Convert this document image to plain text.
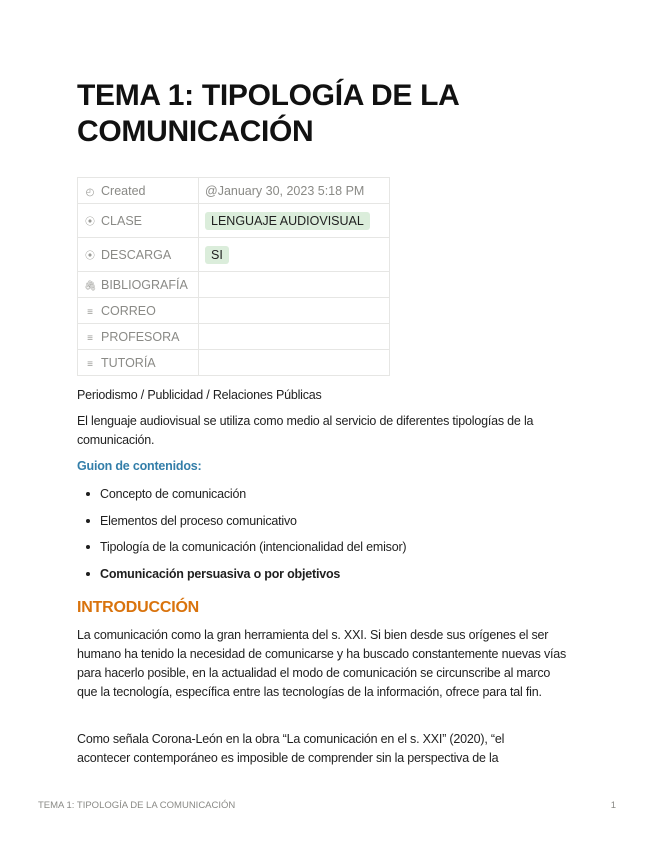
TEMA 1: TIPOLOGÍA DE LA COMUNICACIÓN
◴ Created	@January 30, 2023 5:18 PM
⦿ CLASE	LENGUAJE AUDIOVISUAL
⦿ DESCARGA	SI
🖇 BIBLIOGRAFÍA	
≡ CORREO	
≡ PROFESORA	
≡ TUTORÍA	

Periodismo / Publicidad / Relaciones Públicas

El lenguaje audiovisual se utiliza como medio al servicio de diferentes tipologías de la comunicación.

Guion de contenidos:

Concepto de comunicación
Elementos del proceso comunicativo
Tipología de la comunicación (intencionalidad del emisor)
Comunicación persuasiva o por objetivos
INTRODUCCIÓN

La comunicación como la gran herramienta del s. XXI. Si bien desde sus orígenes el ser humano ha tenido la necesidad de comunicarse y ha buscado constantemente nuevas vías para hacerlo posible, en la actualidad el modo de comunicación se circunscribe al marco que la tecnología, específica entre las tecnologías de la información, ofrece para tal fin.

Como señala Corona-León en la obra “La comunicación en el s. XXI” (2020), “el acontecer contemporáneo es imposible de comprender sin la perspectiva de la

TEMA 1: TIPOLOGÍA DE LA COMUNICACIÓN	1
